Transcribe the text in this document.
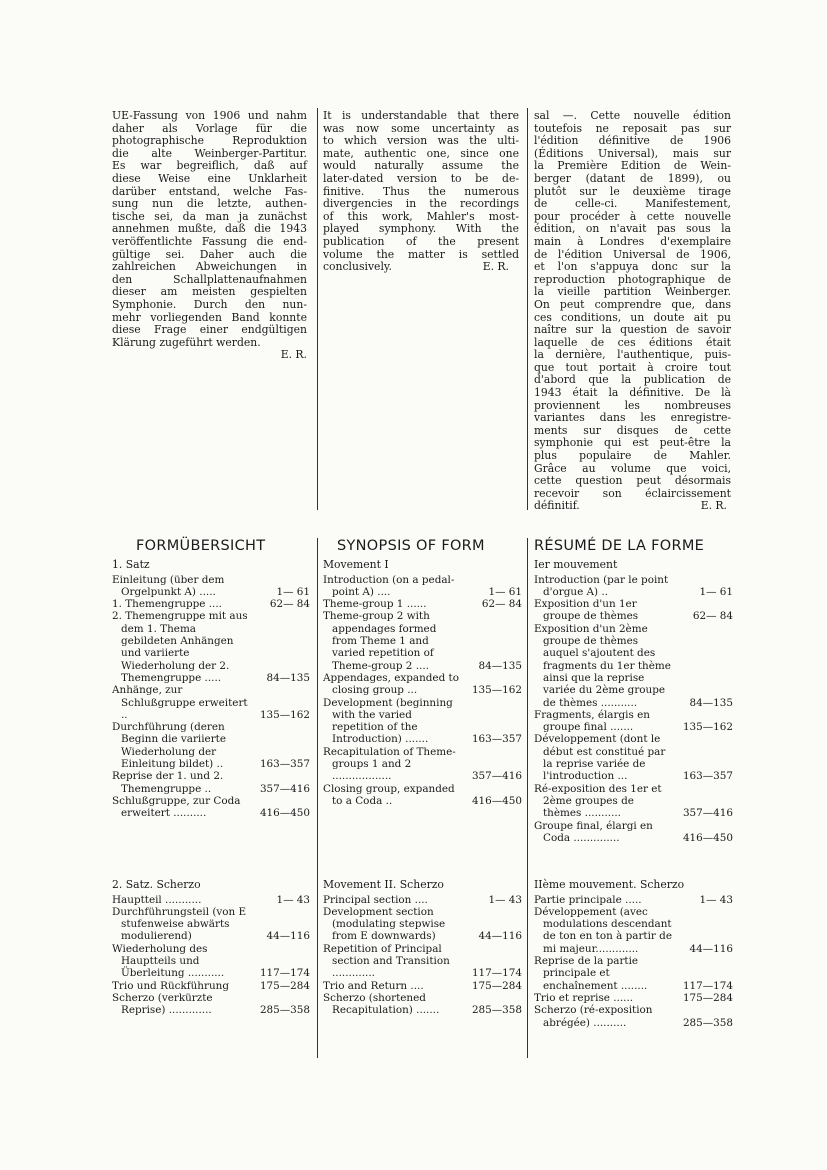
UE-Fassung von 1906 und nahm

daher als Vorlage für die

photographische Reproduktion

die alte Weinberger-Partitur.

Es war begreiflich, daß auf

diese Weise eine Unklarheit

darüber entstand, welche Fas-

sung nun die letzte, authen-

tische sei, da man ja zunächst

annehmen mußte, daß die 1943

veröffentlichte Fassung die end-

gültige sei. Daher auch die

zahlreichen Abweichungen in

den Schallplattenaufnahmen

dieser am meisten gespielten

Symphonie. Durch den nun-

mehr vorliegenden Band konnte

diese Frage einer endgültigen

Klärung zugeführt werden.

E. R.

It is understandable that there

was now some uncertainty as

to which version was the ulti-

mate, authentic one, since one

would naturally assume the

later-dated version to be de-

finitive. Thus the numerous

divergencies in the recordings

of this work, Mahler's most-

played symphony. With the

publication of the present

volume the matter is settled

conclusively.	E. R.

sal —. Cette nouvelle édition

toutefois ne reposait pas sur

l'édition définitive de 1906

(Éditions Universal), mais sur

la Première Edition de Wein-

berger (datant de 1899), ou

plutôt sur le deuxième tirage

de celle-ci. Manifestement,

pour procéder à cette nouvelle

édition, on n'avait pas sous la

main à Londres d'exemplaire

de l'édition Universal de 1906,

et l'on s'appuya donc sur la

reproduction photographique de

la vieille partition Weinberger.

On peut comprendre que, dans

ces conditions, un doute ait pu

naître sur la question de savoir

laquelle de ces éditions était

la dernière, l'authentique, puis-

que tout portait à croire tout

d'abord que la publication de

1943 était la définitive. De là

proviennent les nombreuses

variantes dans les enregistre-

ments sur disques de cette

symphonie qui est peut-être la

plus populaire de Mahler.

Grâce au volume que voici,

cette question peut désormais

recevoir son éclaircissement

définitif.	E. R.
FORMÜBERSICHT
1. Satz
Einleitung (über dem Orgelpunkt A) .....	1— 61
1. Themengruppe ....	62— 84
2. Themengruppe mit aus dem 1. Thema gebildeten Anhängen und variierte Wiederholung der 2. Themengruppe .....	84—135
Anhänge, zur Schlußgruppe erweitert ..	135—162
Durchführung (deren Beginn die variierte Wiederholung der Einleitung bildet) ..	163—357
Reprise der 1. und 2. Themengruppe ..	357—416
Schlußgruppe, zur Coda erweitert ..........	416—450
2. Satz. Scherzo
Hauptteil ...........	1— 43
Durchführungsteil (von E stufenweise abwärts modulierend)	44—116
Wiederholung des Hauptteils und Überleitung ...........	117—174
Trio und Rückführung	175—284
Scherzo (verkürzte Reprise) .............	285—358
SYNOPSIS OF FORM
Movement I
Introduction (on a pedal-point A) ....	1— 61
Theme-group 1 ......	62— 84
Theme-group 2 with appendages formed from Theme 1 and varied repetition of Theme-group 2 ....	84—135
Appendages, expanded to closing group ...	135—162
Development (beginning with the varied repetition of the Introduction) .......	163—357
Recapitulation of Theme-groups 1 and 2 ..................	357—416
Closing group, expanded to a Coda ..	416—450
Movement II. Scherzo
Principal section ....	1— 43
Development section (modulating stepwise from E downwards)	44—116
Repetition of Principal section and Transition .............	117—174
Trio and Return ....	175—284
Scherzo (shortened Recapitulation) .......	285—358
RÉSUMÉ DE LA FORME
Ier mouvement
Introduction (par le point d'orgue A) ..	1— 61
Exposition d'un 1er groupe de thèmes	62— 84
Exposition d'un 2ème groupe de thèmes auquel s'ajoutent des fragments du 1er thème ainsi que la reprise variée du 2ème groupe de thèmes ...........	84—135
Fragments, élargis en groupe final .......	135—162
Développement (dont le début est constitué par la reprise variée de l'introduction ...	163—357
Ré-exposition des 1er et 2ème groupes de thèmes ...........	357—416
Groupe final, élargi en Coda ..............	416—450
IIème mouvement. Scherzo
Partie principale .....	1— 43
Développement (avec modulations descendant de ton en ton à partir de mi majeur.............	44—116
Reprise de la partie principale et enchaînement ........	117—174
Trio et reprise ......	175—284
Scherzo (ré-exposition abrégée) ..........	285—358
